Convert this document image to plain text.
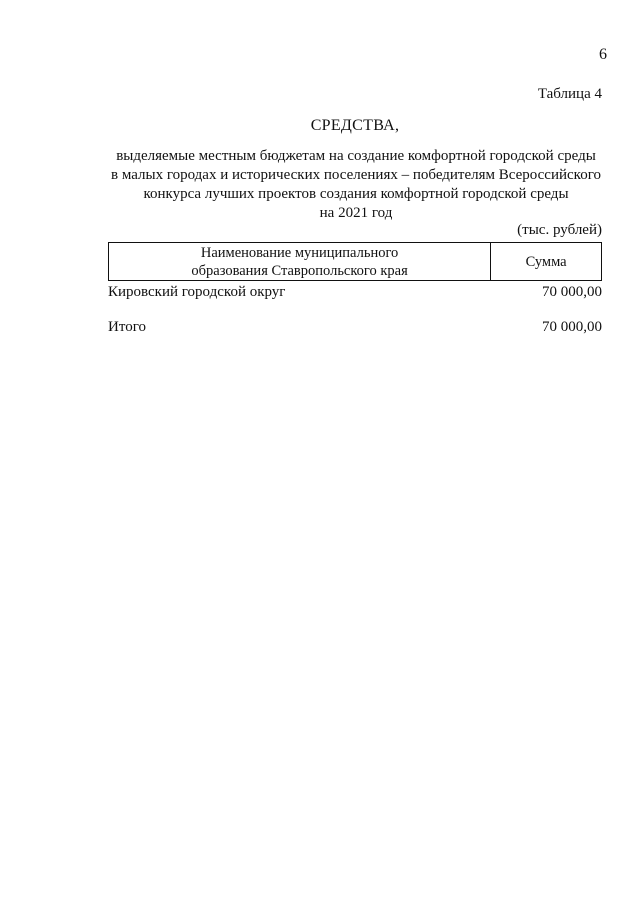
6
Таблица 4
СРЕДСТВА,
выделяемые местным бюджетам на создание комфортной городской среды
в малых городах и исторических поселениях – победителям Всероссийского
конкурса лучших проектов создания комфортной городской среды
на 2021 год
(тыс. рублей)
Наименование муниципального
образования Ставропольского края	Сумма
Кировский городской округ	70 000,00
Итого	70 000,00
